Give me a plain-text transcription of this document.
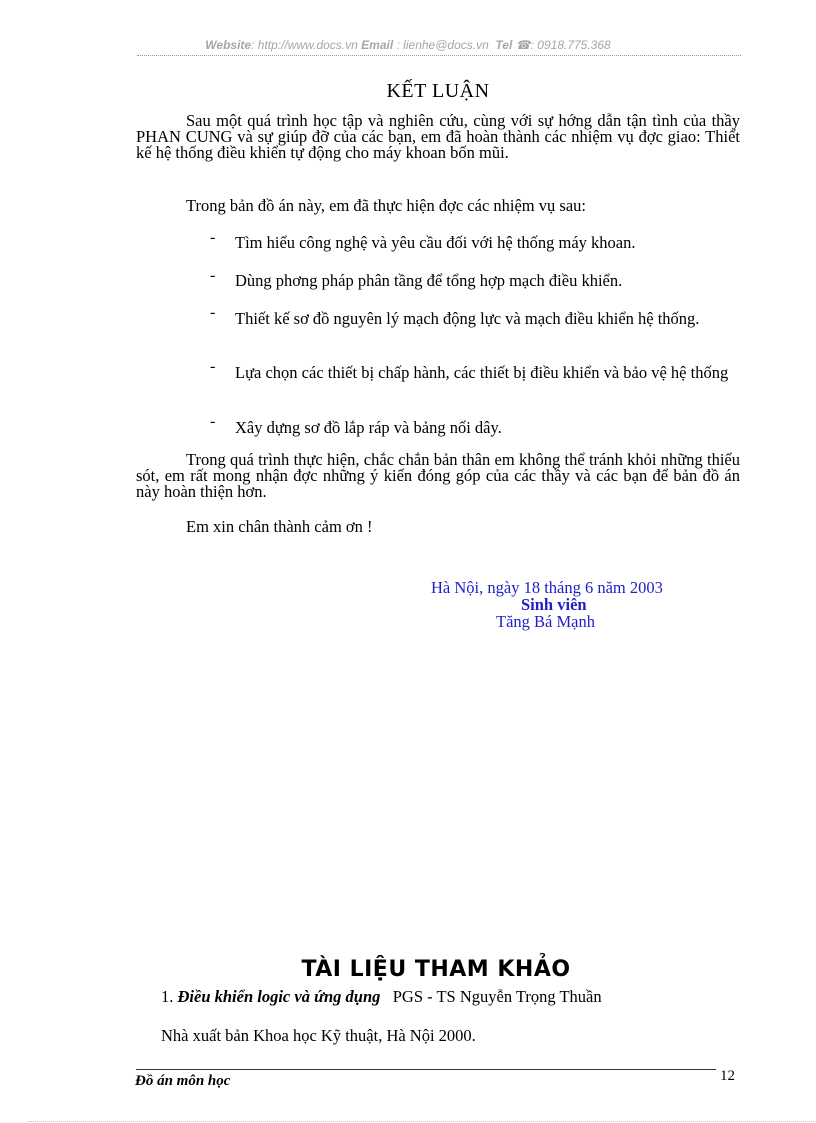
Website: http://www.docs.vn Email : lienhe@docs.vn Tel ☎: 0918.775.368
KẾT LUẬN
Sau một quá trình học tập và nghiên cứu, cùng với sự hớng dẫn tận tình của thầy PHAN CUNG và sự giúp đỡ của các bạn, em đã hoàn thành các nhiệm vụ đợc giao: Thiết kế hệ thống điều khiển tự động cho máy khoan bốn mũi.
Trong bản đồ án này, em đã thực hiện đợc các nhiệm vụ sau:
- Tìm hiểu công nghệ và yêu cầu đối với hệ thống máy khoan.
- Dùng phơng pháp phân tầng để tổng hợp mạch điều khiển.
- Thiết kế sơ đồ nguyên lý mạch động lực và mạch điều khiển hệ thống.
- Lựa chọn các thiết bị chấp hành, các thiết bị điều khiển và bảo vệ hệ thống
- Xây dựng sơ đồ lắp ráp và bảng nối dây.
Trong quá trình thực hiện, chắc chắn bản thân em không thể tránh khỏi những thiếu sót, em rất mong nhận đợc những ý kiến đóng góp của các thầy và các bạn để bản đồ án này hoàn thiện hơn.
Em xin chân thành cảm ơn !
Hà Nội, ngày 18 tháng 6 năm 2003
Sinh viên
Tăng Bá Mạnh
TÀI LIỆU THAM KHẢO
1. Điều khiển logic và ứng dụng PGS - TS Nguyễn Trọng Thuần
Nhà xuất bản Khoa học Kỹ thuật, Hà Nội 2000.
Đồ án môn học	12
